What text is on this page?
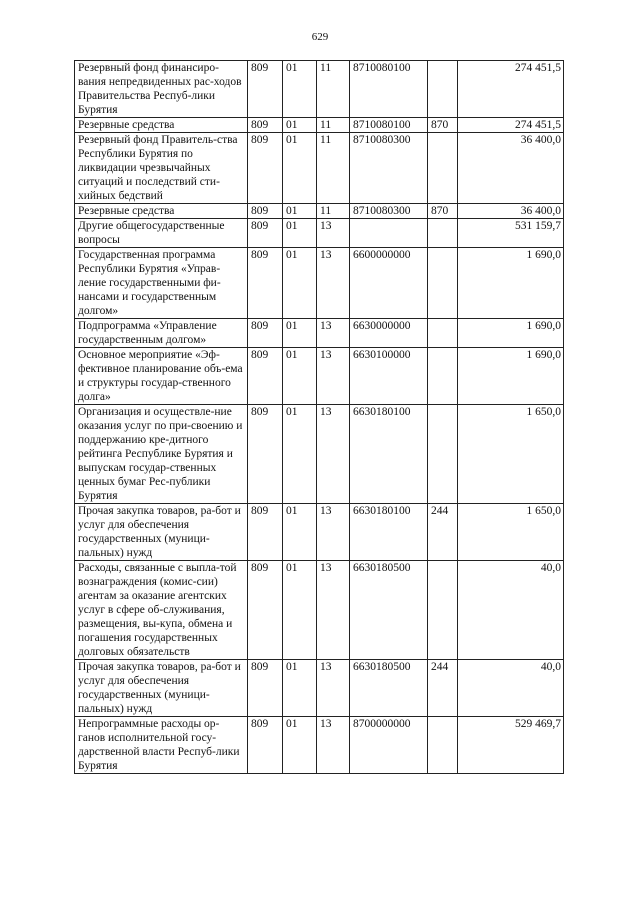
629
Резервный фонд финансиро-вания непредвиденных рас-ходов Правительства Респуб-лики Бурятия	809	01	11	8710080100		274 451,5
Резервные средства	809	01	11	8710080100	870	274 451,5
Резервный фонд Правитель-ства Республики Бурятия по ликвидации чрезвычайных ситуаций и последствий сти-хийных бедствий	809	01	11	8710080300		36 400,0
Резервные средства	809	01	11	8710080300	870	36 400,0
Другие общегосударственные вопросы	809	01	13			531 159,7
Государственная программа Республики Бурятия «Управ-ление государственными фи-нансами и государственным долгом»	809	01	13	6600000000		1 690,0
Подпрограмма «Управление государственным долгом»	809	01	13	6630000000		1 690,0
Основное мероприятие «Эф-фективное планирование объ-ема и структуры государ-ственного долга»	809	01	13	6630100000		1 690,0
Организация и осуществле-ние оказания услуг по при-своению и поддержанию кре-дитного рейтинга Республике Бурятия и выпускам государ-ственных ценных бумаг Рес-публики Бурятия	809	01	13	6630180100		1 650,0
Прочая закупка товаров, ра-бот и услуг для обеспечения государственных (муници-пальных) нужд	809	01	13	6630180100	244	1 650,0
Расходы, связанные с выпла-той вознаграждения (комис-сии) агентам за оказание агентских услуг в сфере об-служивания, размещения, вы-купа, обмена и погашения государственных долговых обязательств	809	01	13	6630180500		40,0
Прочая закупка товаров, ра-бот и услуг для обеспечения государственных (муници-пальных) нужд	809	01	13	6630180500	244	40,0
Непрограммные расходы ор-ганов исполнительной госу-дарственной власти Респуб-лики Бурятия	809	01	13	8700000000		529 469,7
